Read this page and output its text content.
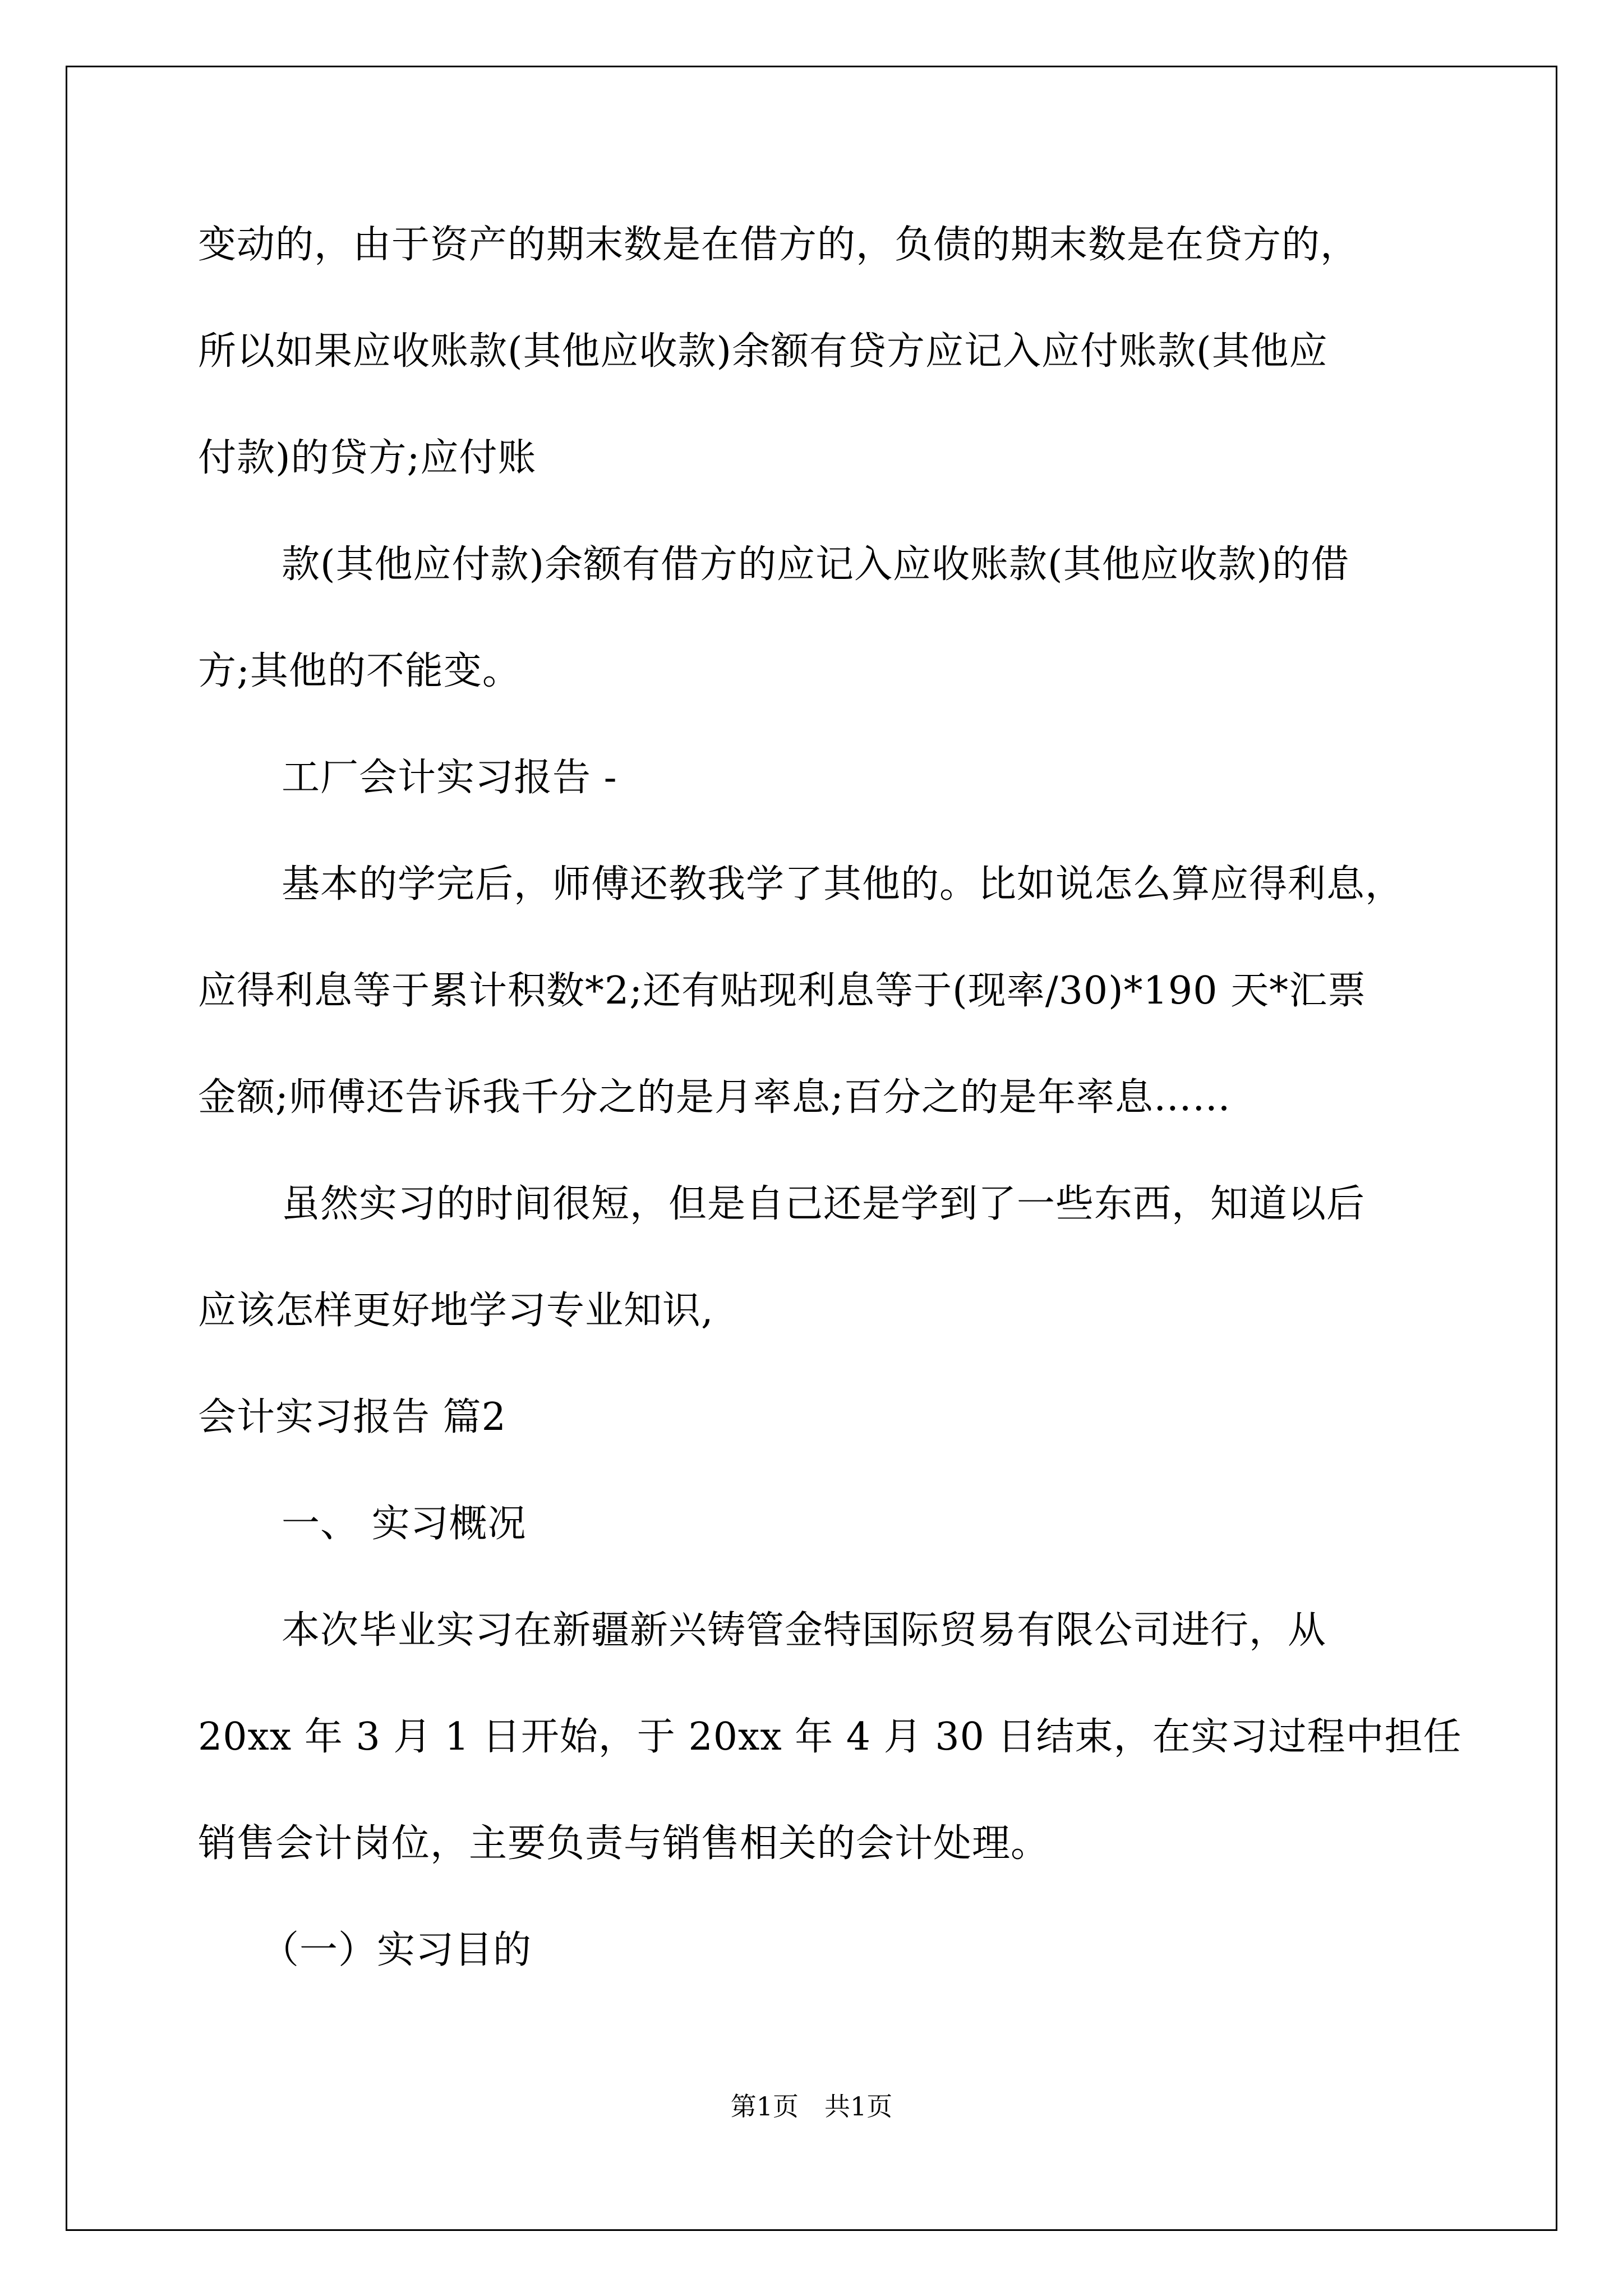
变动的，由于资产的期末数是在借方的，负债的期末数是在贷方的，
所以如果应收账款(其他应收款)余额有贷方应记入应付账款(其他应
付款)的贷方;应付账
款(其他应付款)余额有借方的应记入应收账款(其他应收款)的借
方;其他的不能变。
工厂会计实习报告 -
基本的学完后，师傅还教我学了其他的。比如说怎么算应得利息，
应得利息等于累计积数*2;还有贴现利息等于(现率/30)*190 天*汇票
金额;师傅还告诉我千分之的是月率息;百分之的是年率息……
虽然实习的时间很短，但是自己还是学到了一些东西，知道以后
应该怎样更好地学习专业知识,
会计实习报告 篇2
一、 实习概况
本次毕业实习在新疆新兴铸管金特国际贸易有限公司进行，从
20xx 年 3 月 1 日开始，于 20xx 年 4 月 30 日结束，在实习过程中担任
销售会计岗位，主要负责与销售相关的会计处理。
（一）实习目的
第1页　共1页
